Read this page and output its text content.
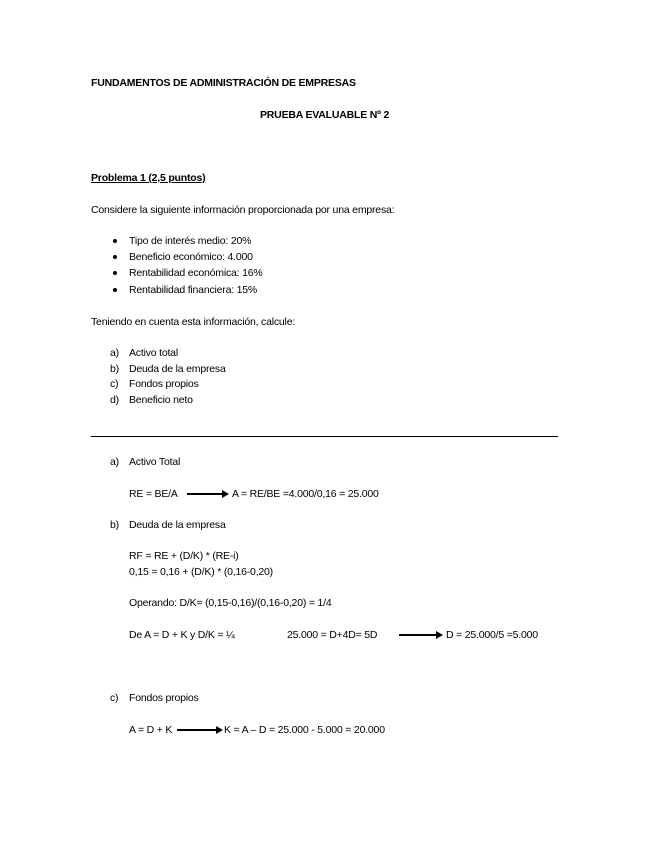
FUNDAMENTOS DE ADMINISTRACIÓN DE EMPRESAS
PRUEBA EVALUABLE Nº 2
Problema 1 (2,5 puntos)
Considere la siguiente información proporcionada por una empresa:
Tipo de interés medio: 20%
Beneficio económico: 4.000
Rentabilidad económica: 16%
Rentabilidad financiera: 15%
Teniendo en cuenta esta información, calcule:
a) Activo total
b) Deuda de la empresa
c) Fondos propios
d) Beneficio neto
a) Activo Total
RE = BE/A	A = RE/BE =4.000/0,16 = 25.000
b) Deuda de la empresa
RF = RE + (D/K) * (RE-i)
0,15 = 0,16 + (D/K) * (0,16-0,20)
Operando: D/K= (0,15-0,16)/(0,16-0,20) = 1/4
De A = D + K y D/K = ¼	25.000 = D+4D= 5D	D = 25.000/5 =5.000
c) Fondos propios
A = D + K	K = A – D = 25.000 - 5.000 = 20.000
